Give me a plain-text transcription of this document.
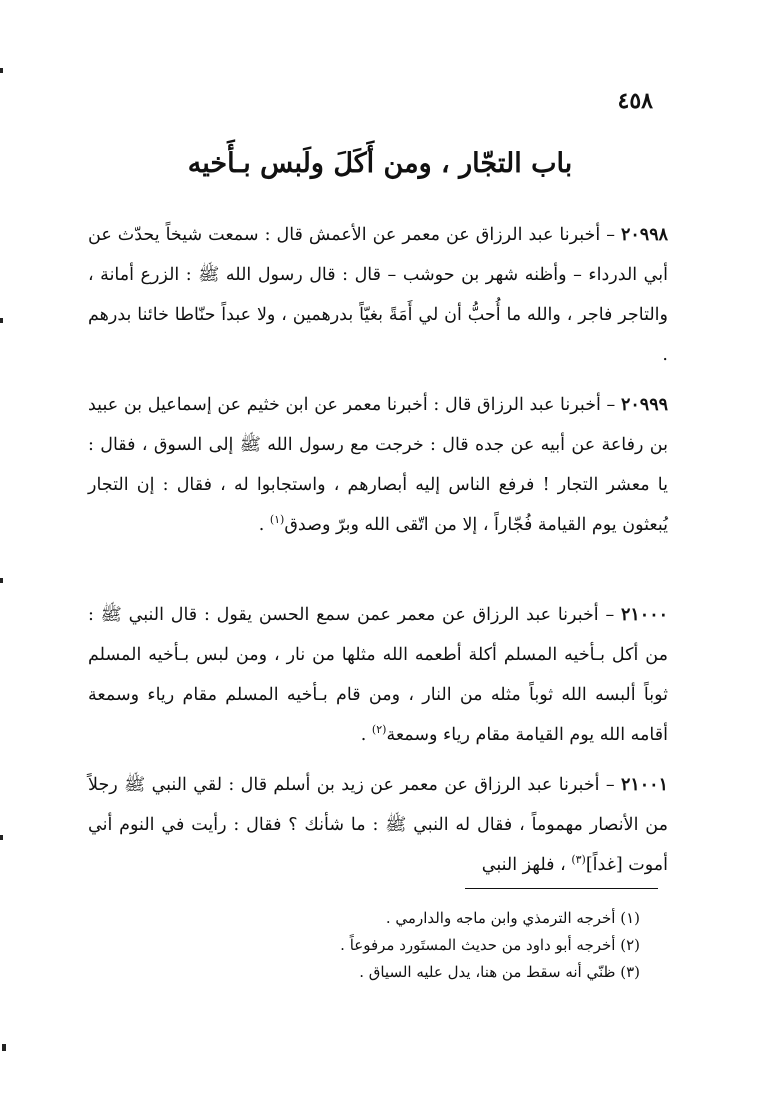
٤٥٨
باب التجّار ، ومن أَكَلَ ولَبس بـأَخيه

٢٠٩٩٨ – أخبرنا عبد الرزاق عن معمر عن الأعمش قال : سمعت شيخاً يحدّث عن أبي الدرداء – وأظنه شهر بن حوشب – قال : قال رسول الله ﷺ : الزرع أمانة ، والتاجر فاجر ، والله ما أُحبُّ أن لي أَمَةً بغيّاً بدرهمين ، ولا عبداً حنّاطا خائنا بدرهم .

٢٠٩٩٩ – أخبرنا عبد الرزاق قال : أخبرنا معمر عن ابن خثيم عن إسماعيل بن عبيد بن رفاعة عن أبيه عن جده قال : خرجت مع رسول الله ﷺ إلى السوق ، فقال : يا معشر التجار ! فرفع الناس إليه أبصارهم ، واستجابوا له ، فقال : إن التجار يُبعثون يوم القيامة فُجّاراً ، إلا من اتّقى الله وبرّ وصدق$^{(١)}$ .

٢١٠٠٠ – أخبرنا عبد الرزاق عن معمر عمن سمع الحسن يقول : قال النبي ﷺ : من أكل بـأخيه المسلم أكلة أطعمه الله مثلها من نار ، ومن لبس بـأخيه المسلم ثوباً ألبسه الله ثوباً مثله من النار ، ومن قام بـأخيه المسلم مقام رياء وسمعة أقامه الله يوم القيامة مقام رياء وسمعة$^{(٢)}$ .

٢١٠٠١ – أخبرنا عبد الرزاق عن معمر عن زيد بن أسلم قال : لقي النبي ﷺ رجلاً من الأنصار مهموماً ، فقال له النبي ﷺ : ما شأنك ؟ فقال : رأيت في النوم أني أموت [غداً]$^{(٣)}$ ، فلهز النبي

(١) أخرجه الترمذي وابن ماجه والدارمي .

(٢) أخرجه أبو داود من حديث المستَورد مرفوعاً .

(٣) ظنّي أنه سقط من هنا، يدل عليه السياق .
